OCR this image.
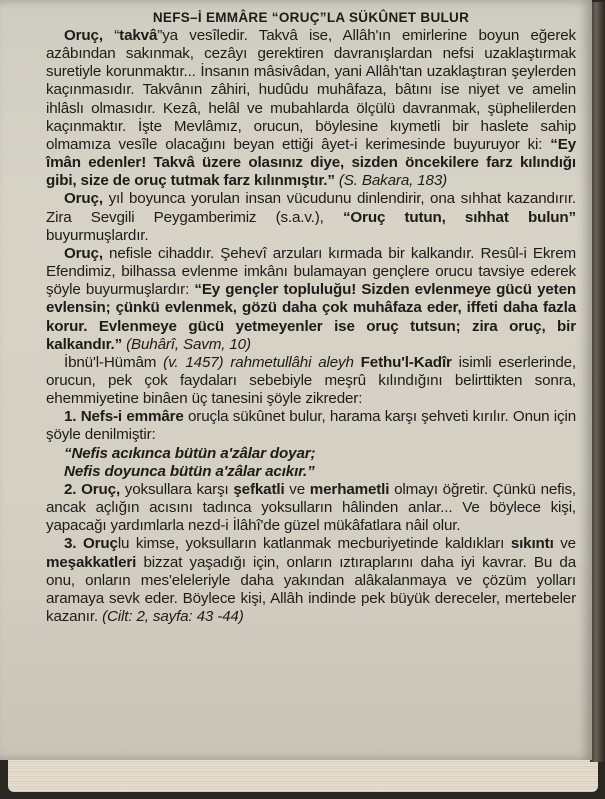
NEFS–İ EMMÂRE “ORUÇ”LA SÜKÛNET BULUR

Oruç, “takvâ”ya vesîledir. Takvâ ise, Allâh'ın emirlerine boyun eğerek azâbından sakınmak, cezâyı gerektiren davranışlardan nefsi uzaklaştırmak suretiyle korunmaktır... İnsanın mâsivâdan, yani Allâh'tan uzaklaştıran şeylerden kaçınmasıdır. Takvânın zâhiri, hudûdu muhâfaza, bâtını ise niyet ve amelin ihlâslı olmasıdır. Kezâ, helâl ve mubahlarda ölçülü davranmak, şüphelilerden kaçınmaktır. İşte Mevlâmız, orucun, böylesine kıymetli bir haslete sahip olmamıza vesîle olacağını beyan ettiği âyet-i kerimesinde buyuruyor ki: “Ey îmân edenler! Takvâ üzere olasınız diye, sizden öncekilere farz kılındığı gibi, size de oruç tutmak farz kılınmıştır.” (S. Bakara, 183)

Oruç, yıl boyunca yorulan insan vücudunu dinlendirir, ona sıhhat kazandırır. Zira Sevgili Peygamberimiz (s.a.v.), “Oruç tutun, sıhhat bulun” buyurmuşlardır.

Oruç, nefisle cihaddır. Şehevî arzuları kırmada bir kalkandır. Resûl-i Ekrem Efendimiz, bilhassa evlenme imkânı bulamayan gençlere orucu tavsiye ederek şöyle buyurmuşlardır: “Ey gençler topluluğu! Sizden evlenmeye gücü yeten evlensin; çünkü evlenmek, gözü daha çok muhâfaza eder, iffeti daha fazla korur. Evlenmeye gücü yetmeyenler ise oruç tutsun; zira oruç, bir kalkandır.” (Buhârî, Savm, 10)

İbnü'l-Hümâm (v. 1457) rahmetullâhi aleyh Fethu'l-Kadîr isimli eserlerinde, orucun, pek çok faydaları sebebiyle meşrû kılındığını belirttikten sonra, ehemmiyetine binâen üç tanesini şöyle zikreder:

1. Nefs-i emmâre oruçla sükûnet bulur, harama karşı şehveti kırılır. Onun için şöyle denilmiştir:

“Nefis acıkınca bütün a'zâlar doyar;
Nefis doyunca bütün a'zâlar acıkır.”

2. Oruç, yoksullara karşı şefkatli ve merhametli olmayı öğretir. Çünkü nefis, ancak açlığın acısını tadınca yoksulların hâlinden anlar... Ve böylece kişi, yapacağı yardımlarla nezd-i İlâhî'de güzel mükâfatlara nâil olur.

3. Oruçlu kimse, yoksulların katlanmak mecburiyetinde kaldıkları sıkıntı ve meşakkatleri bizzat yaşadığı için, onların ıztıraplarını daha iyi kavrar. Bu da onu, onların mes'eleleriyle daha yakından alâkalanmaya ve çözüm yolları aramaya sevk eder. Böylece kişi, Allâh indinde pek büyük dereceler, mertebeler kazanır. (Cilt: 2, sayfa: 43 -44)
